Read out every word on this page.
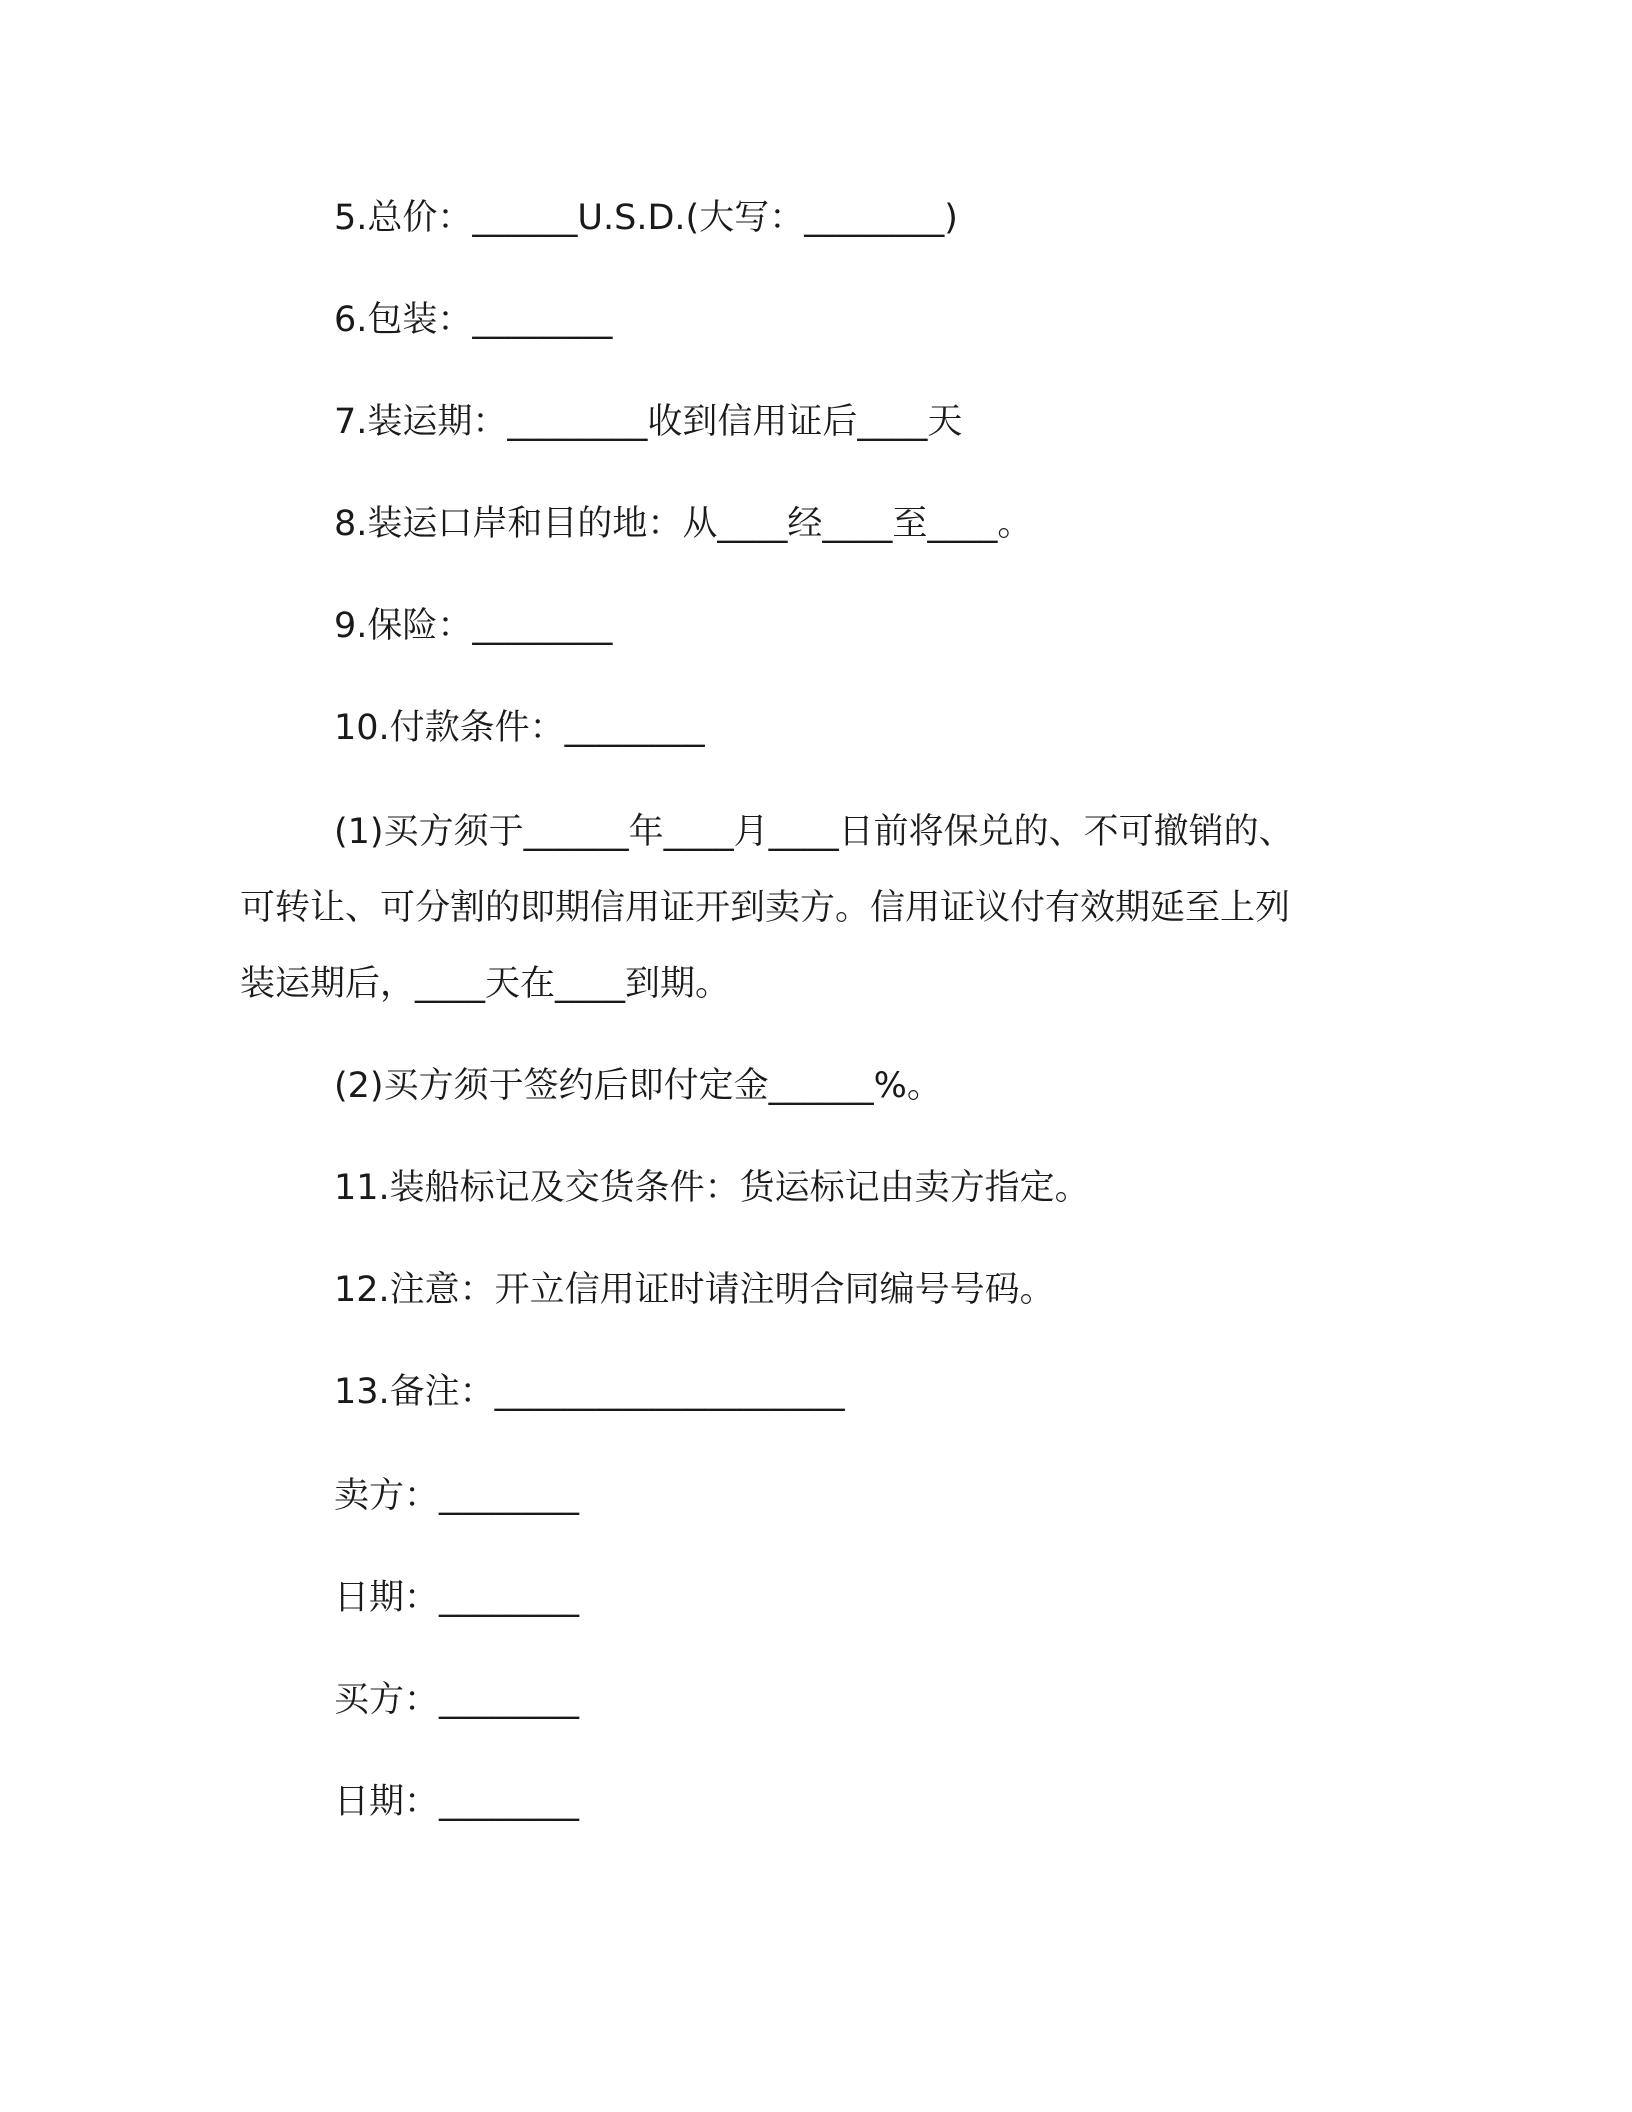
5.总价：______U.S.D.(大写：________)
6.包装：________
7.装运期：________收到信用证后____天
8.装运口岸和目的地：从____经____至____。
9.保险：________
10.付款条件：________
(1)买方须于______年____月____日前将保兑的、不可撤销的、
可转让、可分割的即期信用证开到卖方。信用证议付有效期延至上列
装运期后，____天在____到期。
(2)买方须于签约后即付定金______%。
11.装船标记及交货条件：货运标记由卖方指定。
12.注意：开立信用证时请注明合同编号号码。
13.备注：____________________
卖方：________
日期：________
买方：________
日期：________
